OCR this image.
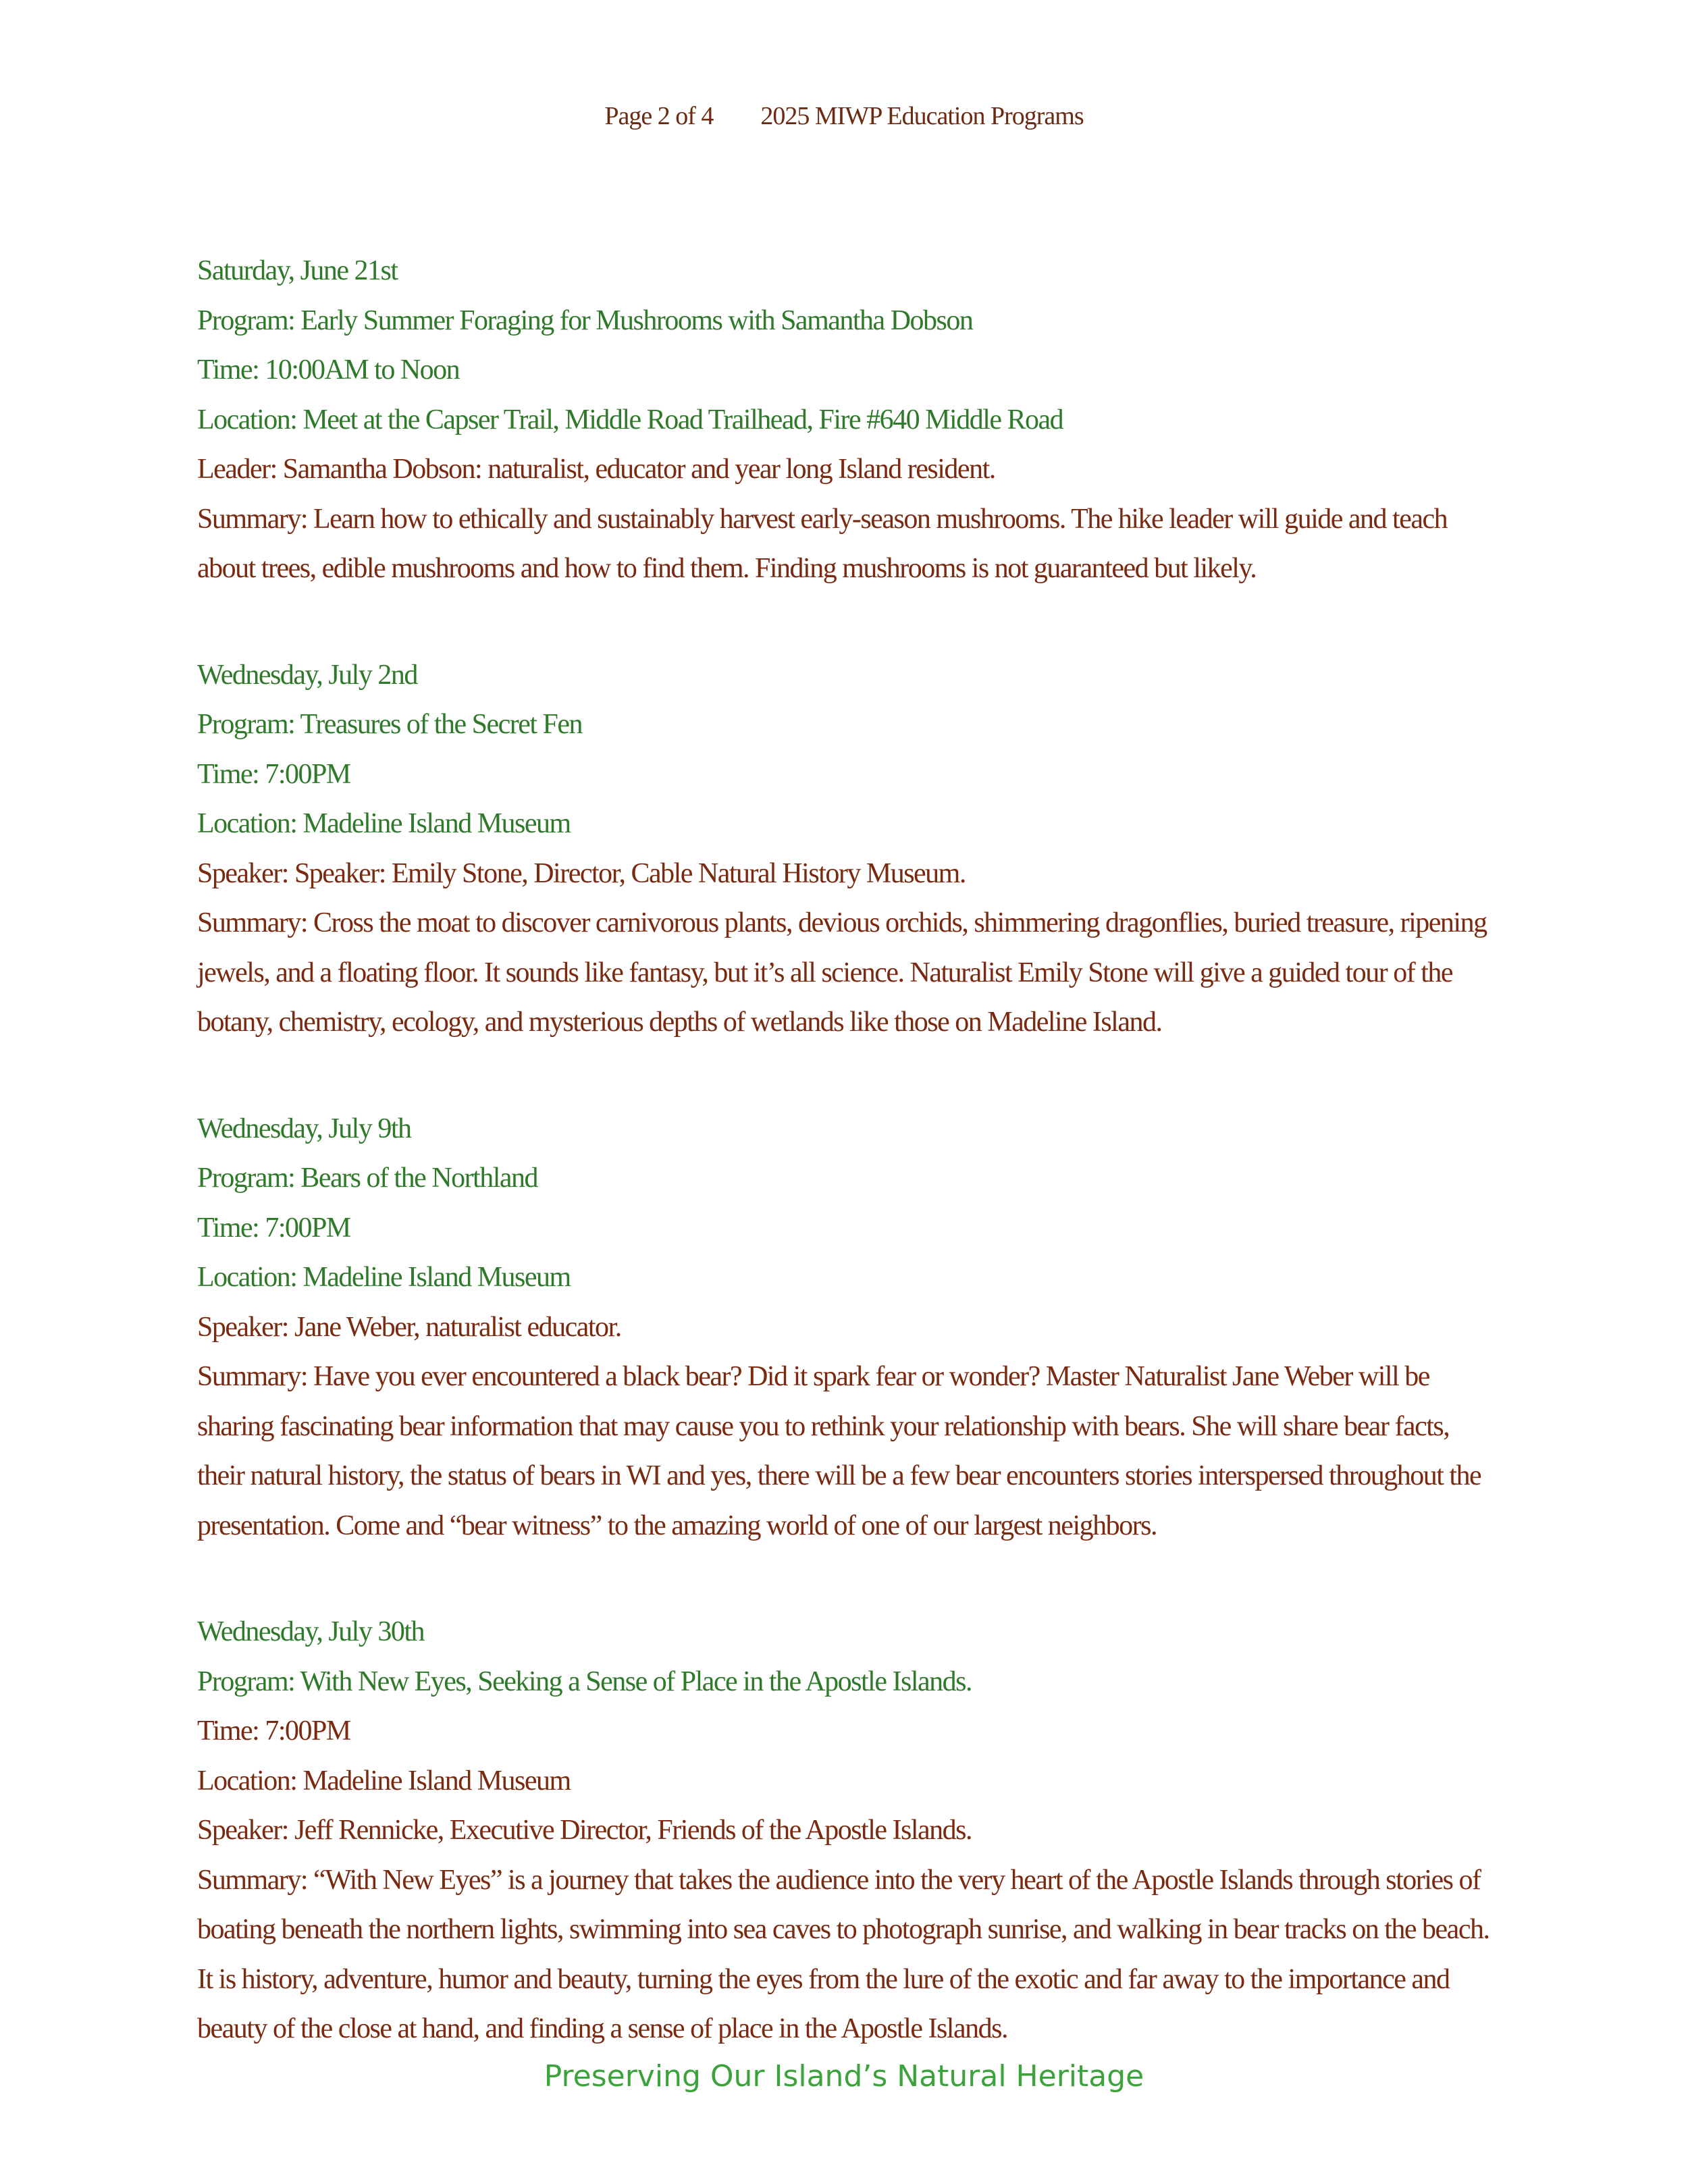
Page 2 of 4 2025 MIWP Education Programs
Saturday, June 21st
Program: Early Summer Foraging for Mushrooms with Samantha Dobson
Time: 10:00AM to Noon
Location: Meet at the Capser Trail, Middle Road Trailhead, Fire #640 Middle Road
Leader: Samantha Dobson: naturalist, educator and year long Island resident.
Summary: Learn how to ethically and sustainably harvest early-season mushrooms. The hike leader will guide and teach about trees, edible mushrooms and how to find them. Finding mushrooms is not guaranteed but likely.
Wednesday, July 2nd
Program: Treasures of the Secret Fen
Time: 7:00PM
Location: Madeline Island Museum
Speaker: Speaker: Emily Stone, Director, Cable Natural History Museum.
Summary: Cross the moat to discover carnivorous plants, devious orchids, shimmering dragonflies, buried treasure, ripening jewels, and a floating floor. It sounds like fantasy, but it’s all science. Naturalist Emily Stone will give a guided tour of the botany, chemistry, ecology, and mysterious depths of wetlands like those on Madeline Island.
Wednesday, July 9th
Program: Bears of the Northland
Time: 7:00PM
Location: Madeline Island Museum
Speaker: Jane Weber, naturalist educator.
Summary: Have you ever encountered a black bear? Did it spark fear or wonder? Master Naturalist Jane Weber will be sharing fascinating bear information that may cause you to rethink your relationship with bears. She will share bear facts, their natural history, the status of bears in WI and yes, there will be a few bear encounters stories interspersed throughout the presentation. Come and “bear witness” to the amazing world of one of our largest neighbors.
Wednesday, July 30th
Program: With New Eyes, Seeking a Sense of Place in the Apostle Islands.
Time: 7:00PM
Location: Madeline Island Museum
Speaker: Jeff Rennicke, Executive Director, Friends of the Apostle Islands.
Summary: “With New Eyes” is a journey that takes the audience into the very heart of the Apostle Islands through stories of boating beneath the northern lights, swimming into sea caves to photograph sunrise, and walking in bear tracks on the beach. It is history, adventure, humor and beauty, turning the eyes from the lure of the exotic and far away to the importance and beauty of the close at hand, and finding a sense of place in the Apostle Islands.
Preserving Our Island’s Natural Heritage
